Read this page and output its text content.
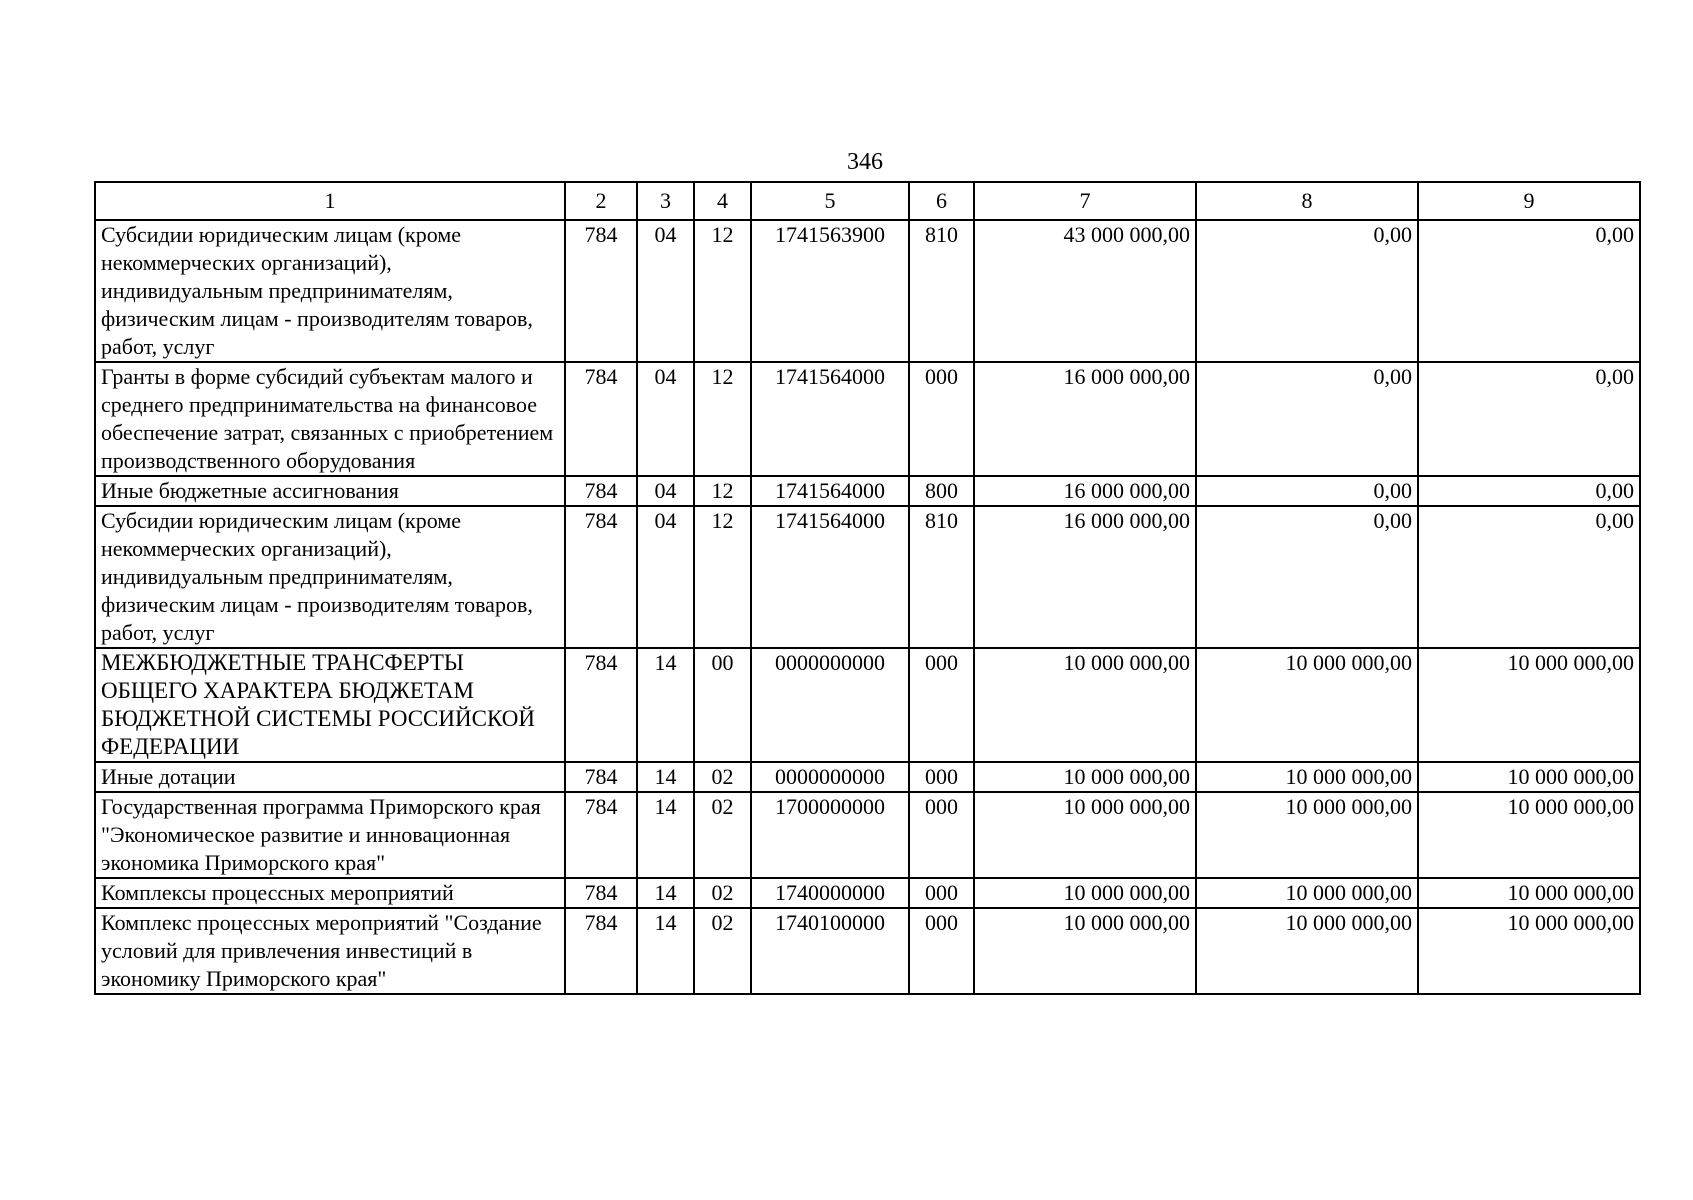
346
1	2	3	4	5	6	7	8	9
Субсидии юридическим лицам (кроме некоммерческих организаций), индивидуальным предпринимателям, физическим лицам - производителям товаров, работ, услуг	784	04	12	1741563900	810	43 000 000,00	0,00	0,00
Гранты в форме субсидий субъектам малого и среднего предпринимательства на финансовое обеспечение затрат, связанных с приобретением производственного оборудования	784	04	12	1741564000	000	16 000 000,00	0,00	0,00
Иные бюджетные ассигнования	784	04	12	1741564000	800	16 000 000,00	0,00	0,00
Субсидии юридическим лицам (кроме некоммерческих организаций), индивидуальным предпринимателям, физическим лицам - производителям товаров, работ, услуг	784	04	12	1741564000	810	16 000 000,00	0,00	0,00
МЕЖБЮДЖЕТНЫЕ ТРАНСФЕРТЫ ОБЩЕГО ХАРАКТЕРА БЮДЖЕТАМ БЮДЖЕТНОЙ СИСТЕМЫ РОССИЙСКОЙ ФЕДЕРАЦИИ	784	14	00	0000000000	000	10 000 000,00	10 000 000,00	10 000 000,00
Иные дотации	784	14	02	0000000000	000	10 000 000,00	10 000 000,00	10 000 000,00
Государственная программа Приморского края "Экономическое развитие и инновационная экономика Приморского края"	784	14	02	1700000000	000	10 000 000,00	10 000 000,00	10 000 000,00
Комплексы процессных мероприятий	784	14	02	1740000000	000	10 000 000,00	10 000 000,00	10 000 000,00
Комплекс процессных мероприятий "Создание условий для привлечения инвестиций в экономику Приморского края"	784	14	02	1740100000	000	10 000 000,00	10 000 000,00	10 000 000,00
